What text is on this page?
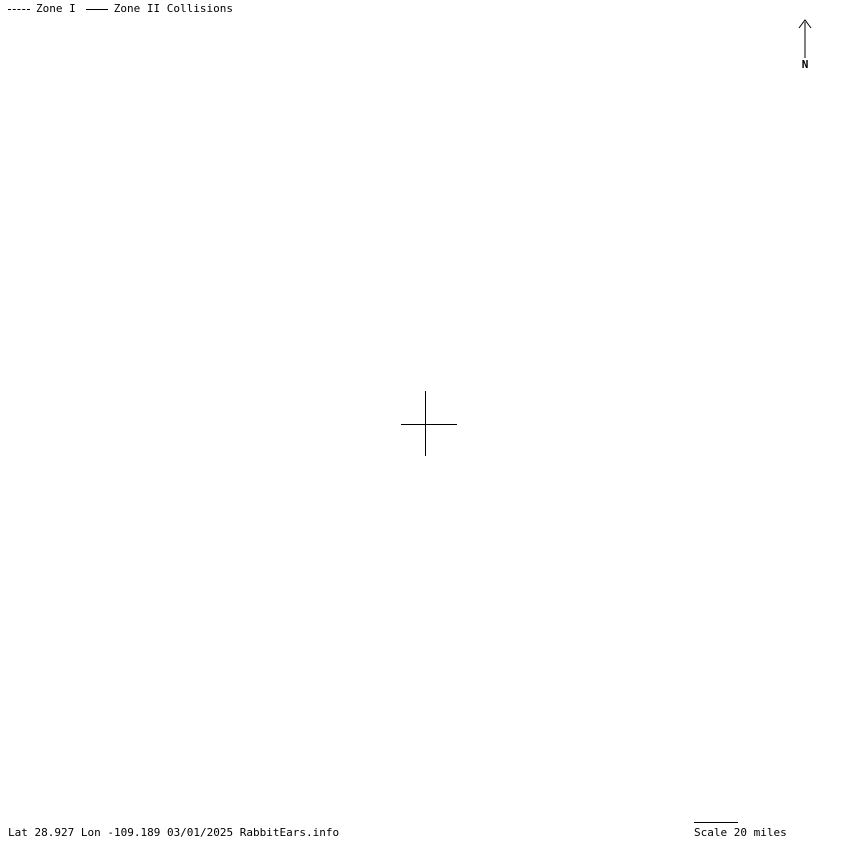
Zone I	Zone II Collisions
N
Lat 28.927 Lon -109.189 03/01/2025 RabbitEars.info	Scale 20 miles
